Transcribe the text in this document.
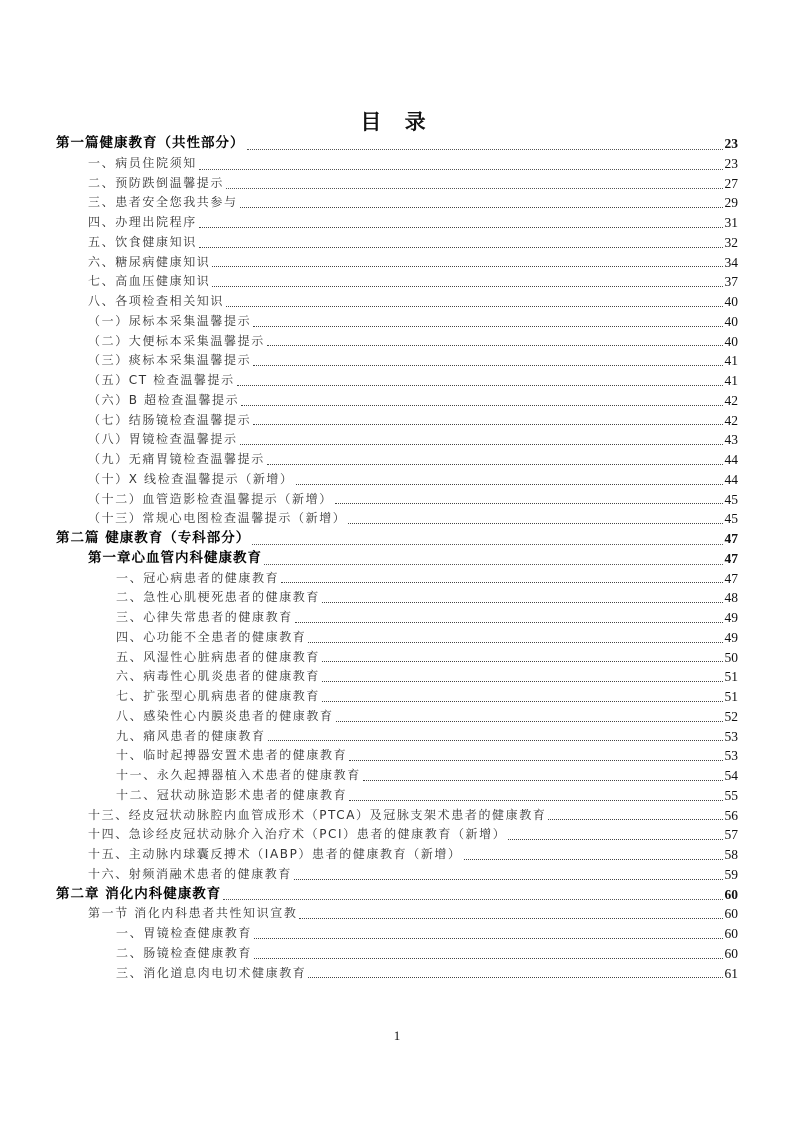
目 录
第一篇健康教育（共性部分）	23
一、病员住院须知	23
二、预防跌倒温馨提示	27
三、患者安全您我共参与	29
四、办理出院程序	31
五、饮食健康知识	32
六、糖尿病健康知识	34
七、高血压健康知识	37
八、各项检查相关知识	40
（一）尿标本采集温馨提示	40
（二）大便标本采集温馨提示	40
（三）痰标本采集温馨提示	41
（五）CT 检查温馨提示	41
（六）B 超检查温馨提示	42
（七）结肠镜检查温馨提示	42
（八）胃镜检查温馨提示	43
（九）无痛胃镜检查温馨提示	44
（十）X 线检查温馨提示（新增）	44
（十二）血管造影检查温馨提示（新增）	45
（十三）常规心电图检查温馨提示（新增）	45
第二篇 健康教育（专科部分）	47
第一章心血管内科健康教育	47
一、冠心病患者的健康教育	47
二、急性心肌梗死患者的健康教育	48
三、心律失常患者的健康教育	49
四、心功能不全患者的健康教育	49
五、风湿性心脏病患者的健康教育	50
六、病毒性心肌炎患者的健康教育	51
七、扩张型心肌病患者的健康教育	51
八、感染性心内膜炎患者的健康教育	52
九、痛风患者的健康教育	53
十、临时起搏器安置术患者的健康教育	53
十一、永久起搏器植入术患者的健康教育	54
十二、冠状动脉造影术患者的健康教育	55
十三、经皮冠状动脉腔内血管成形术（PTCA）及冠脉支架术患者的健康教育	56
十四、急诊经皮冠状动脉介入治疗术（PCI）患者的健康教育（新增）	57
十五、主动脉内球囊反搏术（IABP）患者的健康教育（新增）	58
十六、射频消融术患者的健康教育	59
第二章 消化内科健康教育	60
第一节 消化内科患者共性知识宣教	60
一、胃镜检查健康教育	60
二、肠镜检查健康教育	60
三、消化道息肉电切术健康教育	61
1
